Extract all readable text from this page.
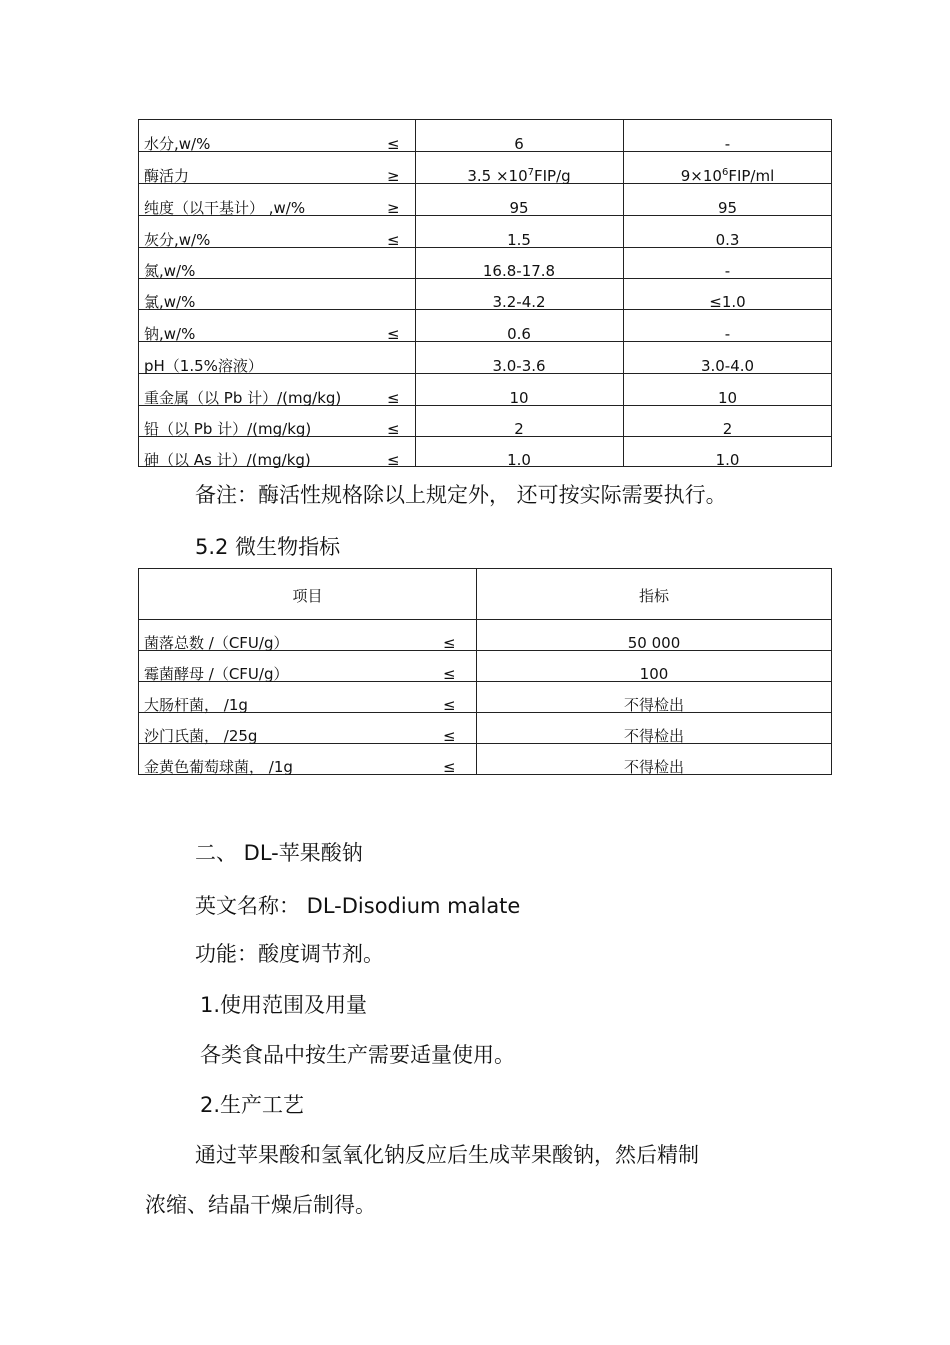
水分,w/%	≤	6	-
酶活力	≥	$3.5 \times 10^7FIP/g$	$9\times 10^6FIP/ml$
纯度（以干基计） ,w/%	≥	95	95
灰分,w/%	≤	1.5	0.3
氮,w/%	16.8-17.8	-
氯,w/%	3.2-4.2	≤1.0
钠,w/%	≤	0.6	-
pH（1.5%溶液）	3.0-3.6	3.0-4.0
重金属（以 Pb 计）/(mg/kg)	≤	10	10
铅（以 Pb 计）/(mg/kg)	≤	2	2
砷（以 As 计）/(mg/kg)	≤	1.0	1.0
备注：酶活性规格除以上规定外， 还可按实际需要执行。
5.2 微生物指标
项目	指标
菌落总数 /（CFU/g）	≤	50 000
霉菌酵母 /（CFU/g）	≤	100
大肠杆菌， /1g	≤	不得检出
沙门氏菌， /25g	≤	不得检出
金黄色葡萄球菌， /1g	≤	不得检出
二、 DL-苹果酸钠
英文名称： DL-Disodium malate
功能：酸度调节剂。
1.使用范围及用量
各类食品中按生产需要适量使用。
2.生产工艺
通过苹果酸和氢氧化钠反应后生成苹果酸钠，然后精制
浓缩、结晶干燥后制得。
